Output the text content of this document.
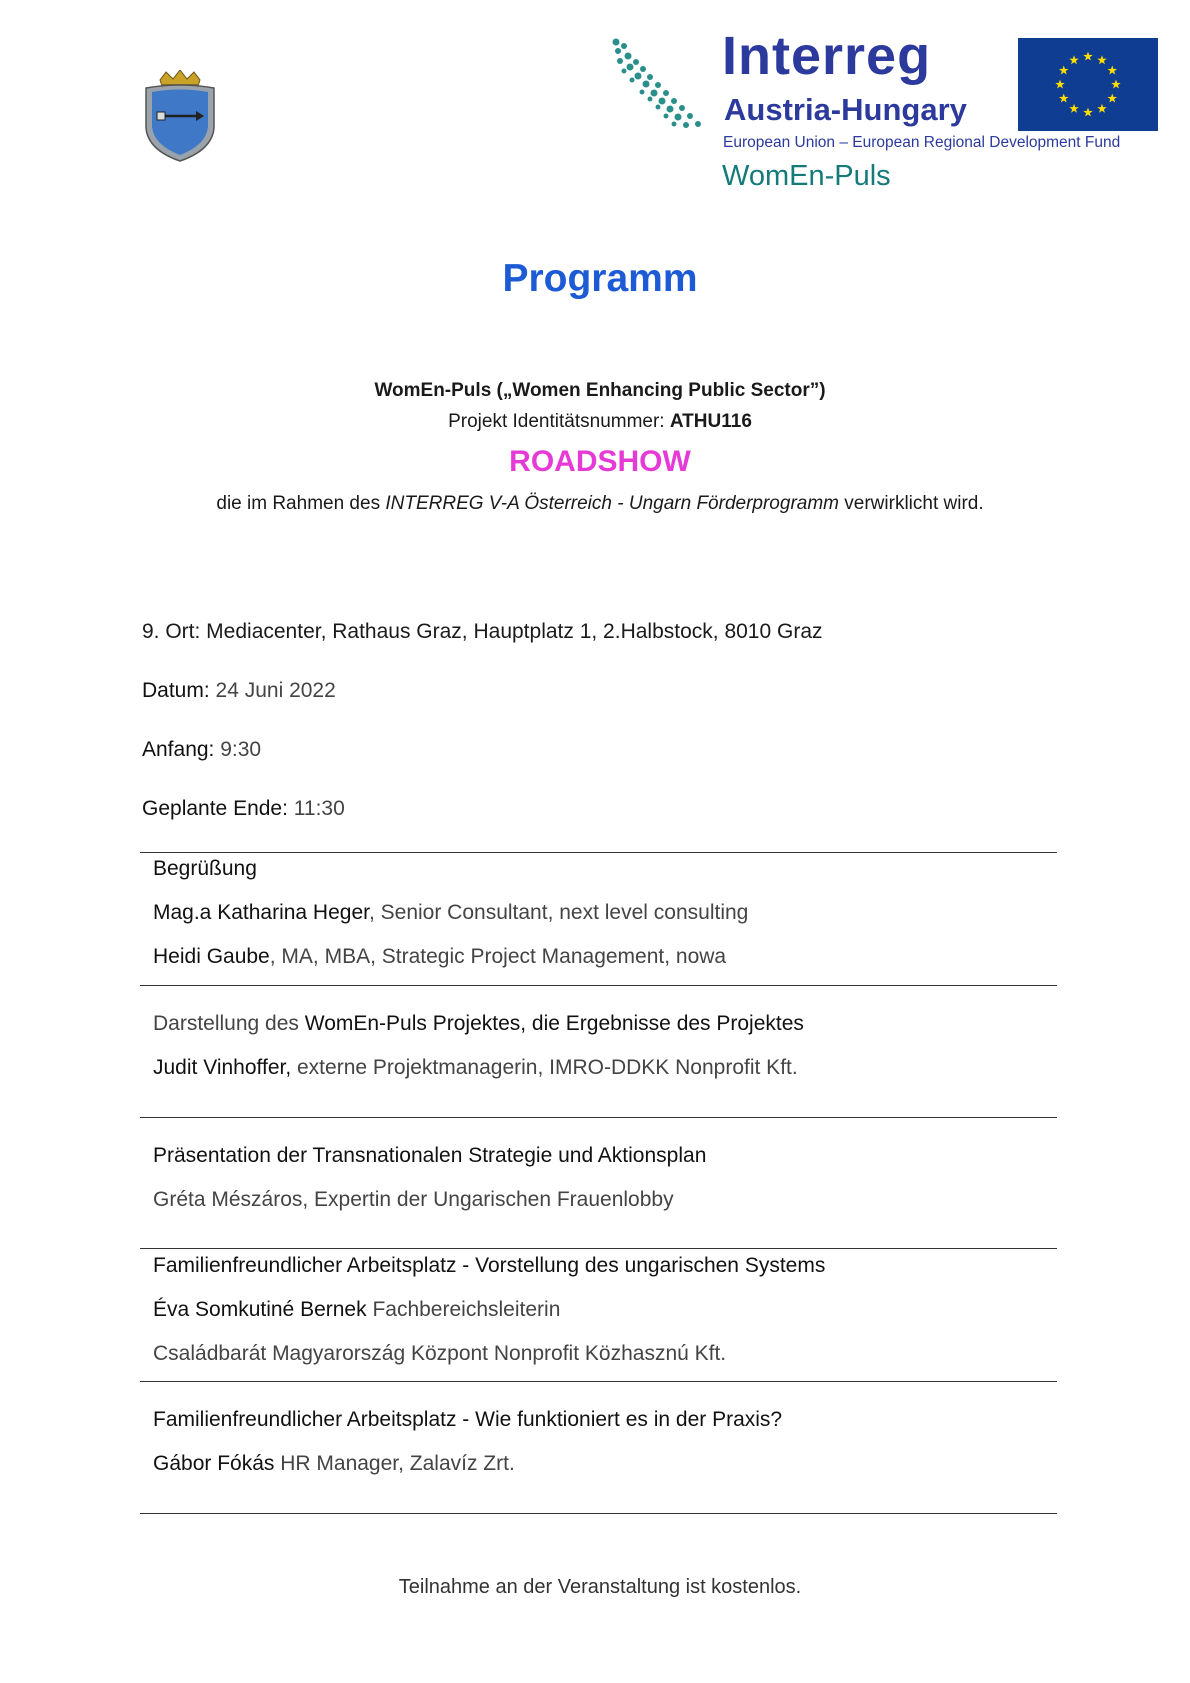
Interreg
Austria-Hungary
European Union – European Regional Development Fund
WomEn-Puls
Programm
WomEn-Puls („Women Enhancing Public Sector”)
Projekt Identitätsnummer: ATHU116
ROADSHOW
die im Rahmen des INTERREG V-A Österreich - Ungarn Förderprogramm verwirklicht wird.
9. Ort: Mediacenter, Rathaus Graz, Hauptplatz 1, 2.Halbstock, 8010 Graz
Datum: 24 Juni 2022
Anfang: 9:30
Geplante Ende: 11:30
Begrüßung
Mag.a Katharina Heger, Senior Consultant, next level consulting
Heidi Gaube, MA, MBA, Strategic Project Management, nowa
Darstellung des WomEn-Puls Projektes, die Ergebnisse des Projektes
Judit Vinhoffer, externe Projektmanagerin, IMRO-DDKK Nonprofit Kft.
Präsentation der Transnationalen Strategie und Aktionsplan
Gréta Mészáros, Expertin der Ungarischen Frauenlobby
Familienfreundlicher Arbeitsplatz - Vorstellung des ungarischen Systems
Éva Somkutiné Bernek Fachbereichsleiterin
Családbarát Magyarország Központ Nonprofit Közhasznú Kft.
Familienfreundlicher Arbeitsplatz - Wie funktioniert es in der Praxis?
Gábor Fókás HR Manager, Zalavíz Zrt.
Teilnahme an der Veranstaltung ist kostenlos.
